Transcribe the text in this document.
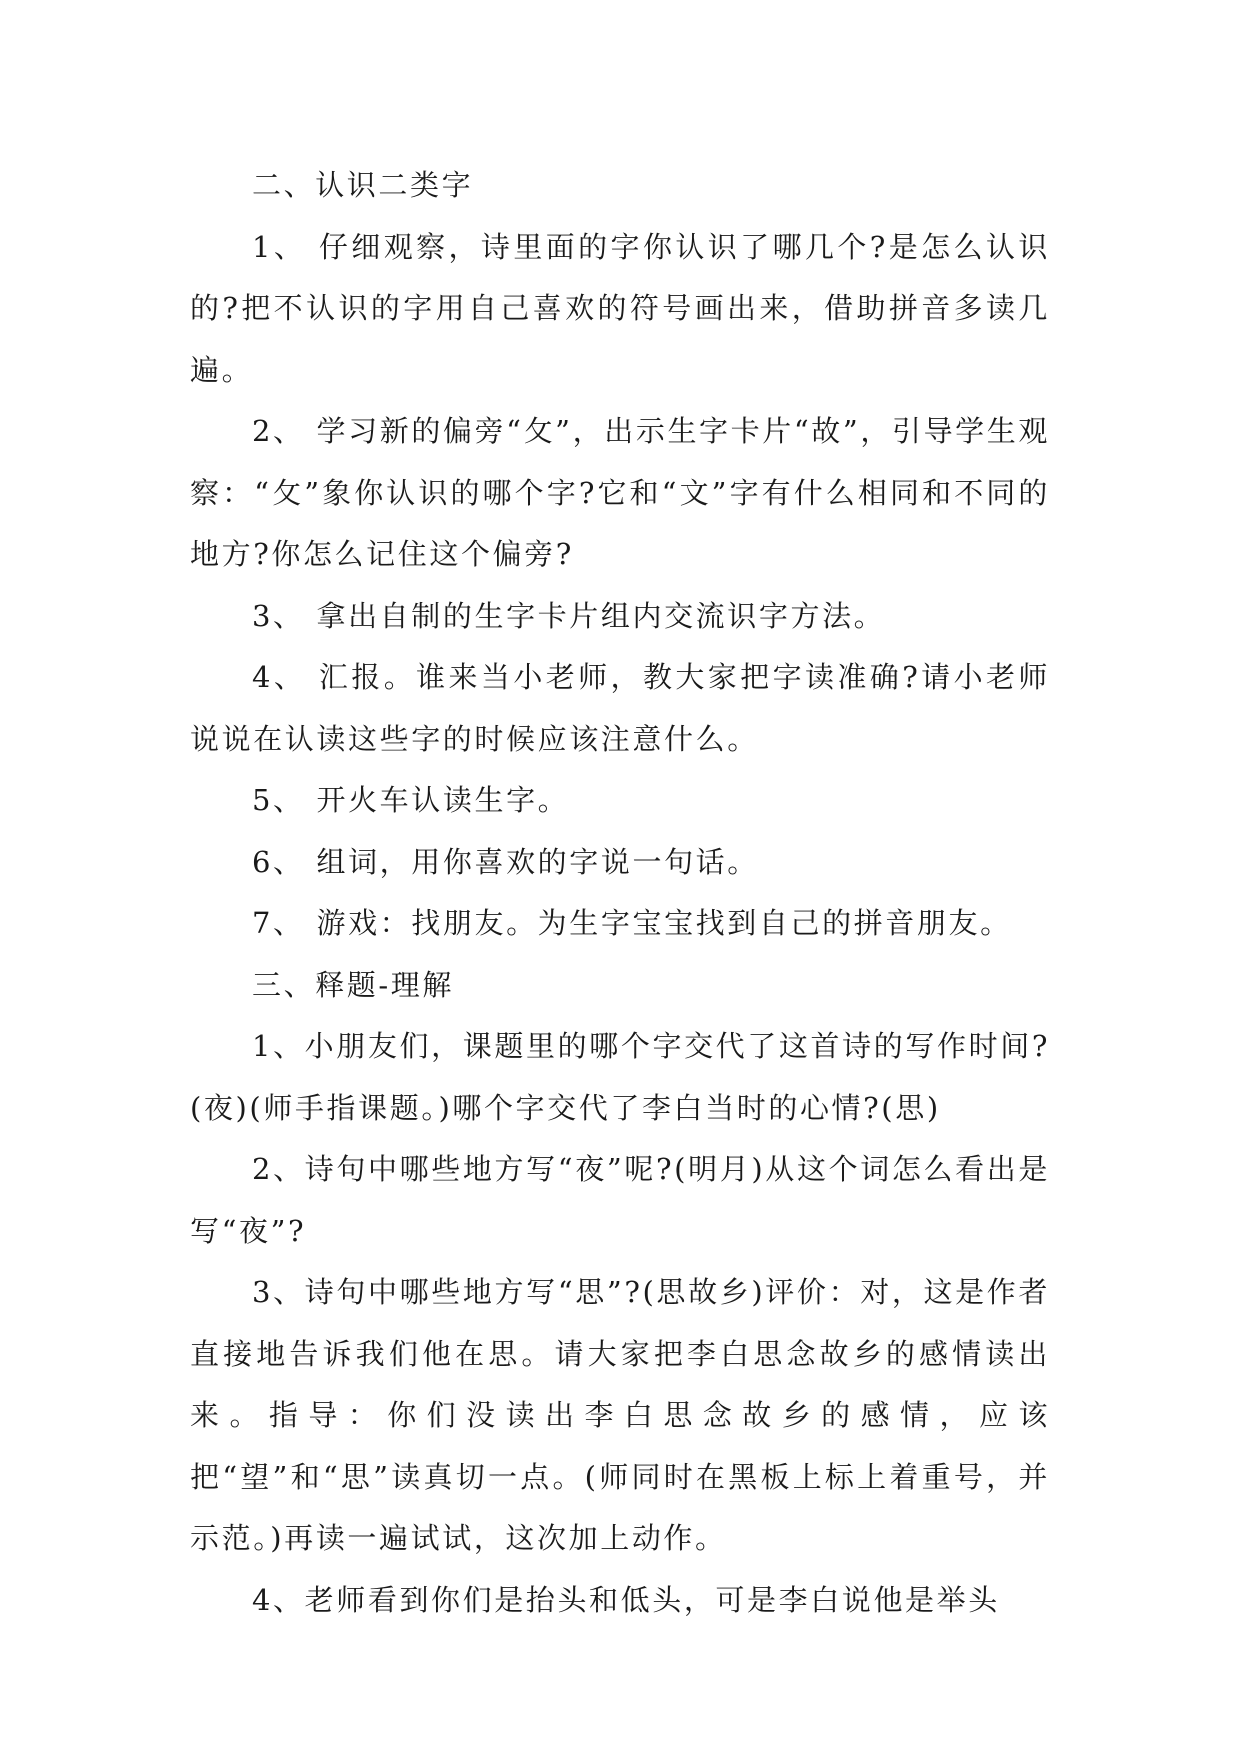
二、认识二类字

1、 仔细观察，诗里面的字你认识了哪几个?是怎么认识的?把不认识的字用自己喜欢的符号画出来，借助拼音多读几遍。

2、 学习新的偏旁“攵”，出示生字卡片“故”，引导学生观察：“攵”象你认识的哪个字?它和“文”字有什么相同和不同的地方?你怎么记住这个偏旁?

3、 拿出自制的生字卡片组内交流识字方法。

4、 汇报。谁来当小老师，教大家把字读准确?请小老师说说在认读这些字的时候应该注意什么。

5、 开火车认读生字。

6、 组词，用你喜欢的字说一句话。

7、 游戏：找朋友。为生字宝宝找到自己的拼音朋友。

三、释题-理解

1、小朋友们，课题里的哪个字交代了这首诗的写作时间?(夜)(师手指课题。)哪个字交代了李白当时的心情?(思)

2、诗句中哪些地方写“夜”呢?(明月)从这个词怎么看出是写“夜”?

3、诗句中哪些地方写“思”?(思故乡)评价：对，这是作者直接地告诉我们他在思。请大家把李白思念故乡的感情读出来。指导：你们没读出李白思念故乡的感情，应该把“望”和“思”读真切一点。(师同时在黑板上标上着重号，并示范。)再读一遍试试，这次加上动作。

4、老师看到你们是抬头和低头，可是李白说他是举头
